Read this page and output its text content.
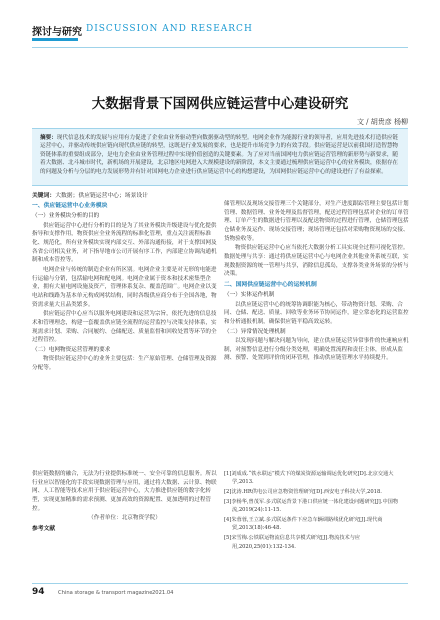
探讨与研究 DISCUSSION AND RESEARCH
大数据背景下国网供应链运营中心建设研究
文 / 胡贵彦 杨柳
摘要：现代信息技术的发展与应用有力促进了企业由业务驱动型向数据驱动型的转型。电网企业作为能源行业的领导者，应用先进技术打造供应链运营中心，并驱动传统供应链向现代供应链的转型，这既是行业发展的要求，也是提升市场竞争力的有效手段。供应链运营是以前我国打造智慧物资链体系的重要组成部分，是电力企业由业务管理过程中实现价值创造的关键要素。为了应对当前国网电力供应链运营管理的新形势与新要求，随着大数据、北斗城市时代，新机场的开展建设，北京地区电网进入大规模建设的新阶段，本文主要通过梳理供应链运营中心的业务模块，依据存在的问题及分析与分层的电力发展形势并有针对国网电力企业进行供应链运营中心的构想建设，为国网供应链运营中心的建设进行了有益探索。
关键词：大数据；供应链运营中心；场景设计
一、供应链运营中心业务模块
（一）业务模块分析的目的

供应链运营中心进行分析的目的是为了其业务模块升级建设与优化提供指导和支撑作用，物资供应全业务流程的标准化管理，重点关注流程标准化、规范化，所有业务模块实现内部交互、外部沟通衔接，对于支撑国网及各省公司相关业务，对下指导地市公司开展有序工作，内部建立协调沟通机制和成本管控等。

电网企业与传统的制造企业有所区别。电网企业主要是对无形的电能进行运输与分销，包括输电网和配电网。电网企业属于资本和技术密集型企业，拥有大量电网设施及资产，管理体系复杂、覆盖范围广。电网企业以变电站和线路为基本单元构成网状结构，同时各级供应商分布于全国各地，物资需求量大且品类繁多。

供应链运营中心应当以服务电网建设和运营为宗旨，依托先进的信息技术和管理理念，构建一套覆盖供应链全流程的运营监控与决策支持体系，实现需求计划、采购、合同履约、仓储配送、质量监督和回收处置等环节的全过程管控。

（二）电网物资运营管理的要求

物资供应链运营中心的业务主要包括：生产原始管理、仓储管理及资源分配等。

储管理以及现场交接管理三个关键部分，对生产进度跟踪管理主要包括计划管理、数据管理、业务处理及监督管理，配送过程管理包括对企业的订单管理、订单产生的数据进行管理以及配送物资的过程进行管理，仓储管理包括仓储业务及运作、现场交接管理；现场管理还包括对采购物资现场的交接、货物验收等。

物资供应链运营中心应当依托大数据分析工具实现全过程可视化管控。数据处理与共享：通过将供应链运营中心与电网企业其他业务系统互联，实现数据资源的统一管理与共享，消除信息孤岛，支撑各类业务场景的分析与决策。

二、国网供应链运营中心的运转机制
（一）实体运作机制

以供应链运营中心的统筹协调职能为核心，带动物资计划、采购、合同、仓储、配送、质量、回收等业务环节协同运作，建立常态化的运营监控和分析通报机制，确保供应链平稳高效运转。

（二）异常情况处理机制

以发现问题与解决问题为导向，建立供应链运营异常事件的快速响应机制，对预警信息进行分级分类处理，明确处置流程和责任主体，形成从监测、预警、处置到评价的闭环管理，推动供应链管理水平持续提升。

供应链数据的融合，无法为行业提供标准统一、安全可靠的信息服务。所以行业应以智能化的手段实现数据管理与应用，通过将大数据、云计算、物联网、人工智能等技术应用于供应链运营中心，大力推进供应链的数字化转型，实现更加精准的需求预测、更加高效的资源配置、更加透明的过程管控。

（作者单位：北京物资学院）

参考文献

[1]刘成成.“铁水联运”模式下的煤炭资源运输调运优化研究[D].北京交通大学,2013.

[2]沈涛.HR供电公司应急物资管理研究[D].西安电子科技大学,2018.

[3]李杨华,曾茂军.多式联运背景下港口供应链一体化建设问题研究[J].中国物流,2019(24):11-15.

[4]朱蓉蓉,王立斌.多式联运条件下应急车辆调路线优化研究[J].现代商贸,2013(18):46-48.

[5]宋雪梅.公铁联运物流信息共享模式研究[J].物流技术与应用,2020,25(01):132-134.

94	China storage & transport magazine 2021.04
